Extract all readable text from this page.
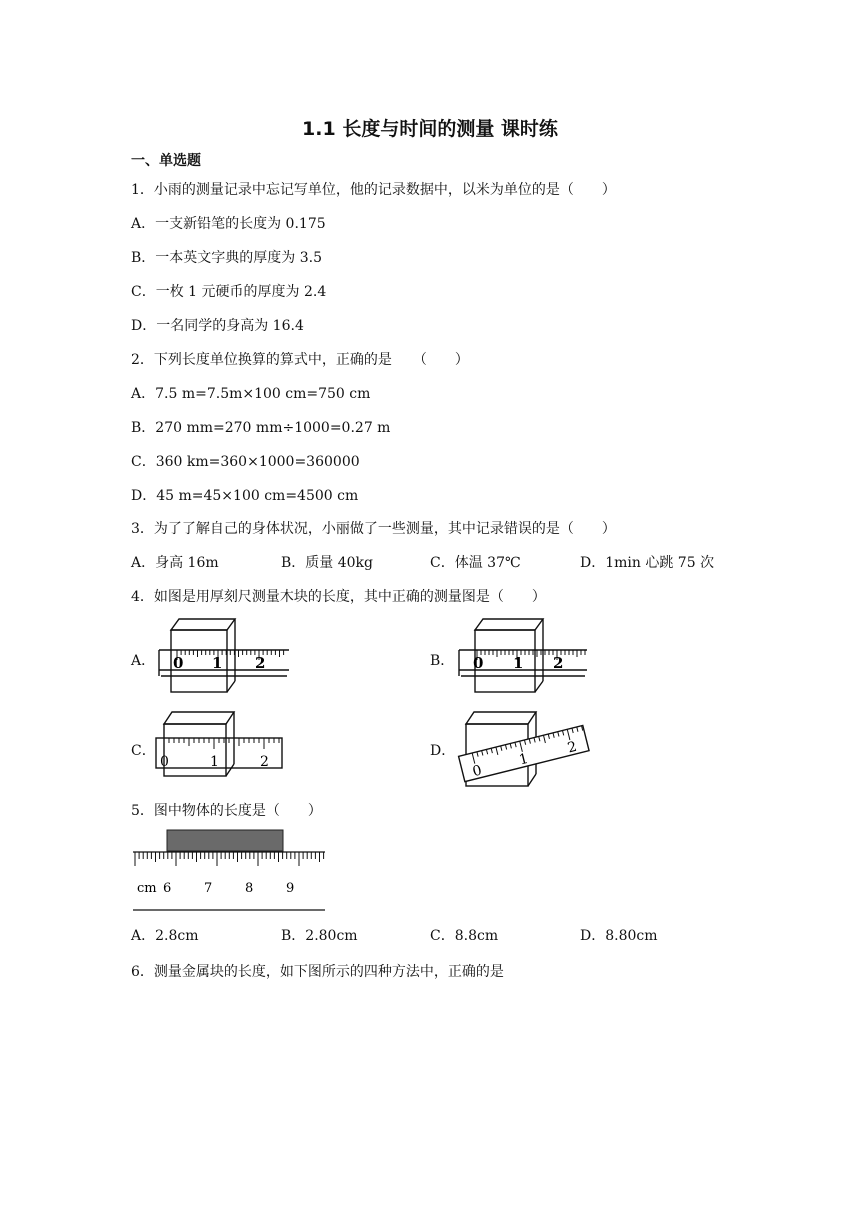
1.1 长度与时间的测量 课时练
一、单选题
1．小雨的测量记录中忘记写单位，他的记录数据中，以米为单位的是（　　）
A．一支新铅笔的长度为 0.175
B．一本英文字典的厚度为 3.5
C．一枚 1 元硬币的厚度为 2.4
D．一名同学的身高为 16.4
2．下列长度单位换算的算式中，正确的是　　（　　）
A．7.5 m=7.5m×100 cm=750 cm
B．270 mm=270 mm÷1000=0.27 m
C．360 km=360×1000=360000
D．45 m=45×100 cm=4500 cm
3．为了了解自己的身体状况，小丽做了一些测量，其中记录错误的是（　　）
A．身高 16m	B．质量 40kg	C．体温 37℃	D．1min 心跳 75 次
4．如图是用厚刻尺测量木块的长度，其中正确的测量图是（　　）
A．	B．
C．	D．
0 1 2	0 1 2
0	1	2
0
1
2
5．图中物体的长度是（　　）
cm 6	7	8	9
A．2.8cm	B．2.80cm	C．8.8cm	D．8.80cm
6．测量金属块的长度，如下图所示的四种方法中，正确的是
